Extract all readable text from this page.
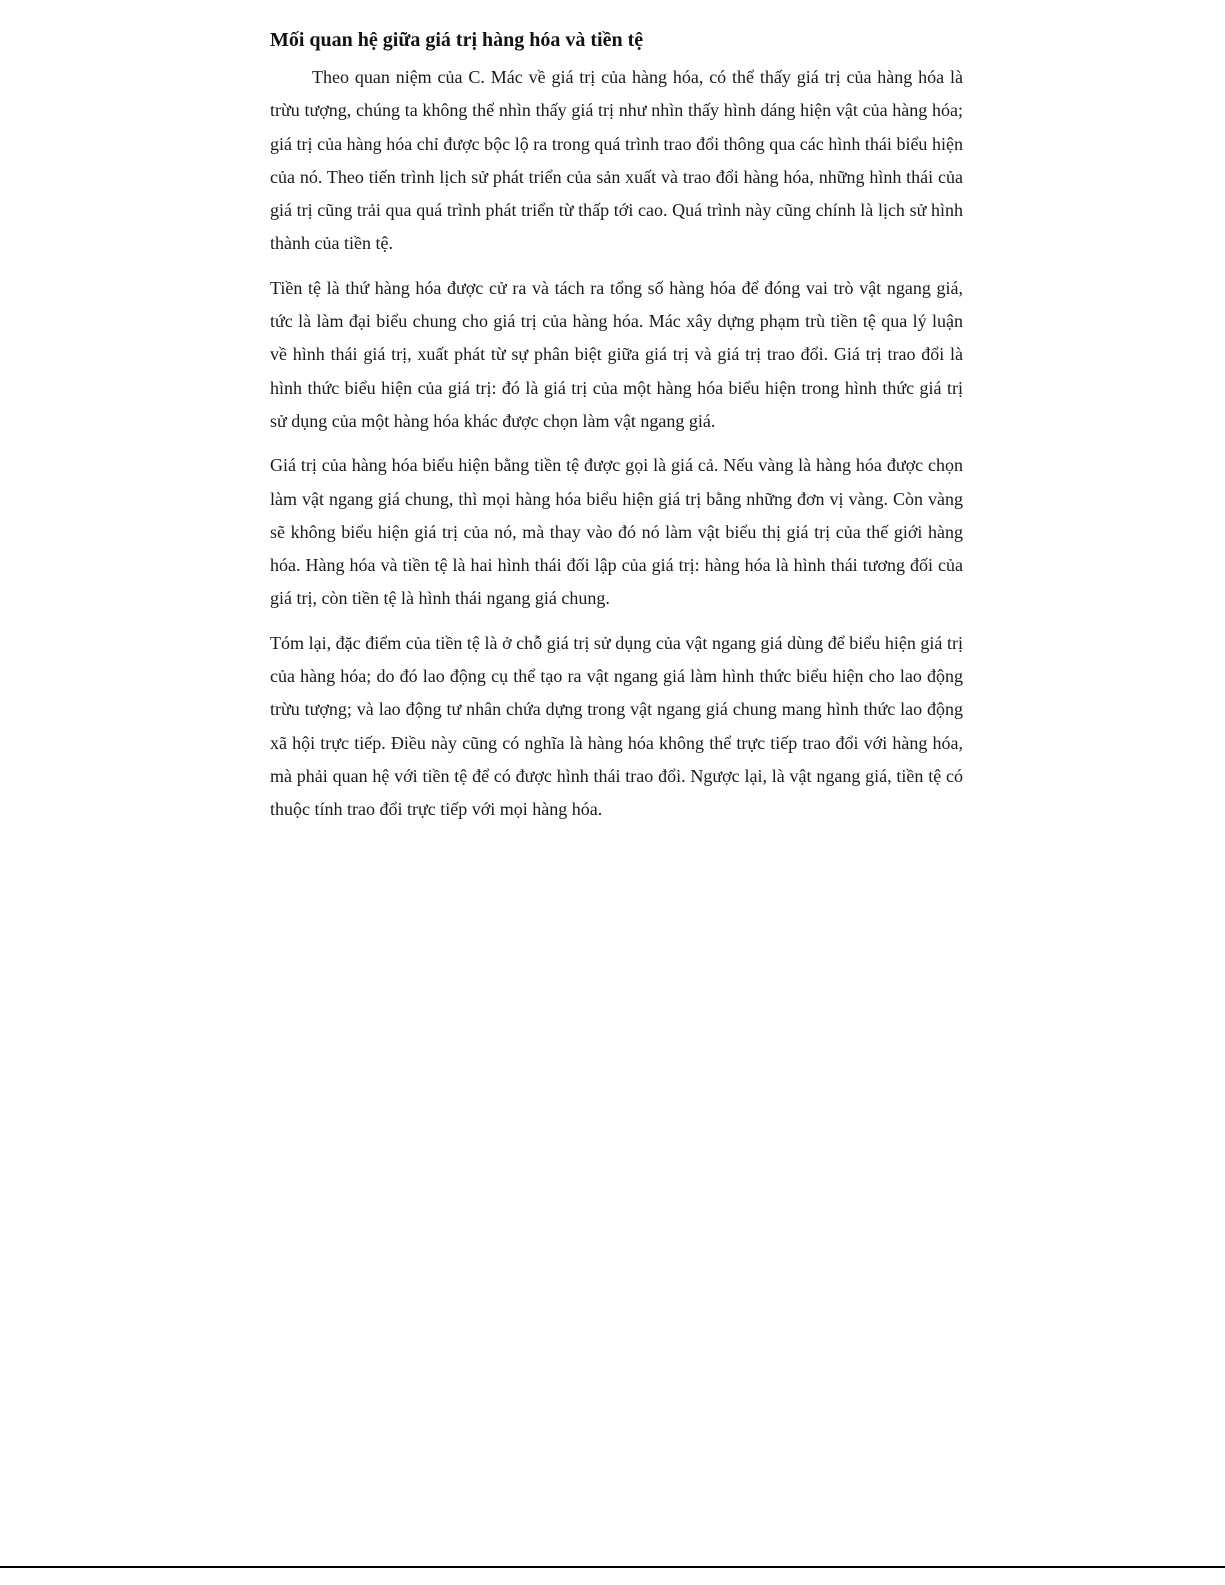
Mối quan hệ giữa giá trị hàng hóa và tiền tệ

Theo quan niệm của C. Mác về giá trị của hàng hóa, có thể thấy giá trị của hàng hóa là trừu tượng, chúng ta không thể nhìn thấy giá trị như nhìn thấy hình dáng hiện vật của hàng hóa; giá trị của hàng hóa chỉ được bộc lộ ra trong quá trình trao đổi thông qua các hình thái biểu hiện của nó. Theo tiến trình lịch sử phát triển của sản xuất và trao đổi hàng hóa, những hình thái của giá trị cũng trải qua quá trình phát triển từ thấp tới cao. Quá trình này cũng chính là lịch sử hình thành của tiền tệ.

Tiền tệ là thứ hàng hóa được cử ra và tách ra tổng số hàng hóa để đóng vai trò vật ngang giá, tức là làm đại biểu chung cho giá trị của hàng hóa. Mác xây dựng phạm trù tiền tệ qua lý luận về hình thái giá trị, xuất phát từ sự phân biệt giữa giá trị và giá trị trao đổi. Giá trị trao đổi là hình thức biểu hiện của giá trị: đó là giá trị của một hàng hóa biểu hiện trong hình thức giá trị sử dụng của một hàng hóa khác được chọn làm vật ngang giá.

Giá trị của hàng hóa biểu hiện bằng tiền tệ được gọi là giá cả. Nếu vàng là hàng hóa được chọn làm vật ngang giá chung, thì mọi hàng hóa biểu hiện giá trị bằng những đơn vị vàng. Còn vàng sẽ không biểu hiện giá trị của nó, mà thay vào đó nó làm vật biểu thị giá trị của thế giới hàng hóa. Hàng hóa và tiền tệ là hai hình thái đối lập của giá trị: hàng hóa là hình thái tương đối của giá trị, còn tiền tệ là hình thái ngang giá chung.

Tóm lại, đặc điểm của tiền tệ là ở chỗ giá trị sử dụng của vật ngang giá dùng để biểu hiện giá trị của hàng hóa; do đó lao động cụ thể tạo ra vật ngang giá làm hình thức biểu hiện cho lao động trừu tượng; và lao động tư nhân chứa dựng trong vật ngang giá chung mang hình thức lao động xã hội trực tiếp. Điều này cũng có nghĩa là hàng hóa không thể trực tiếp trao đổi với hàng hóa, mà phải quan hệ với tiền tệ để có được hình thái trao đổi. Ngược lại, là vật ngang giá, tiền tệ có thuộc tính trao đổi trực tiếp với mọi hàng hóa.
